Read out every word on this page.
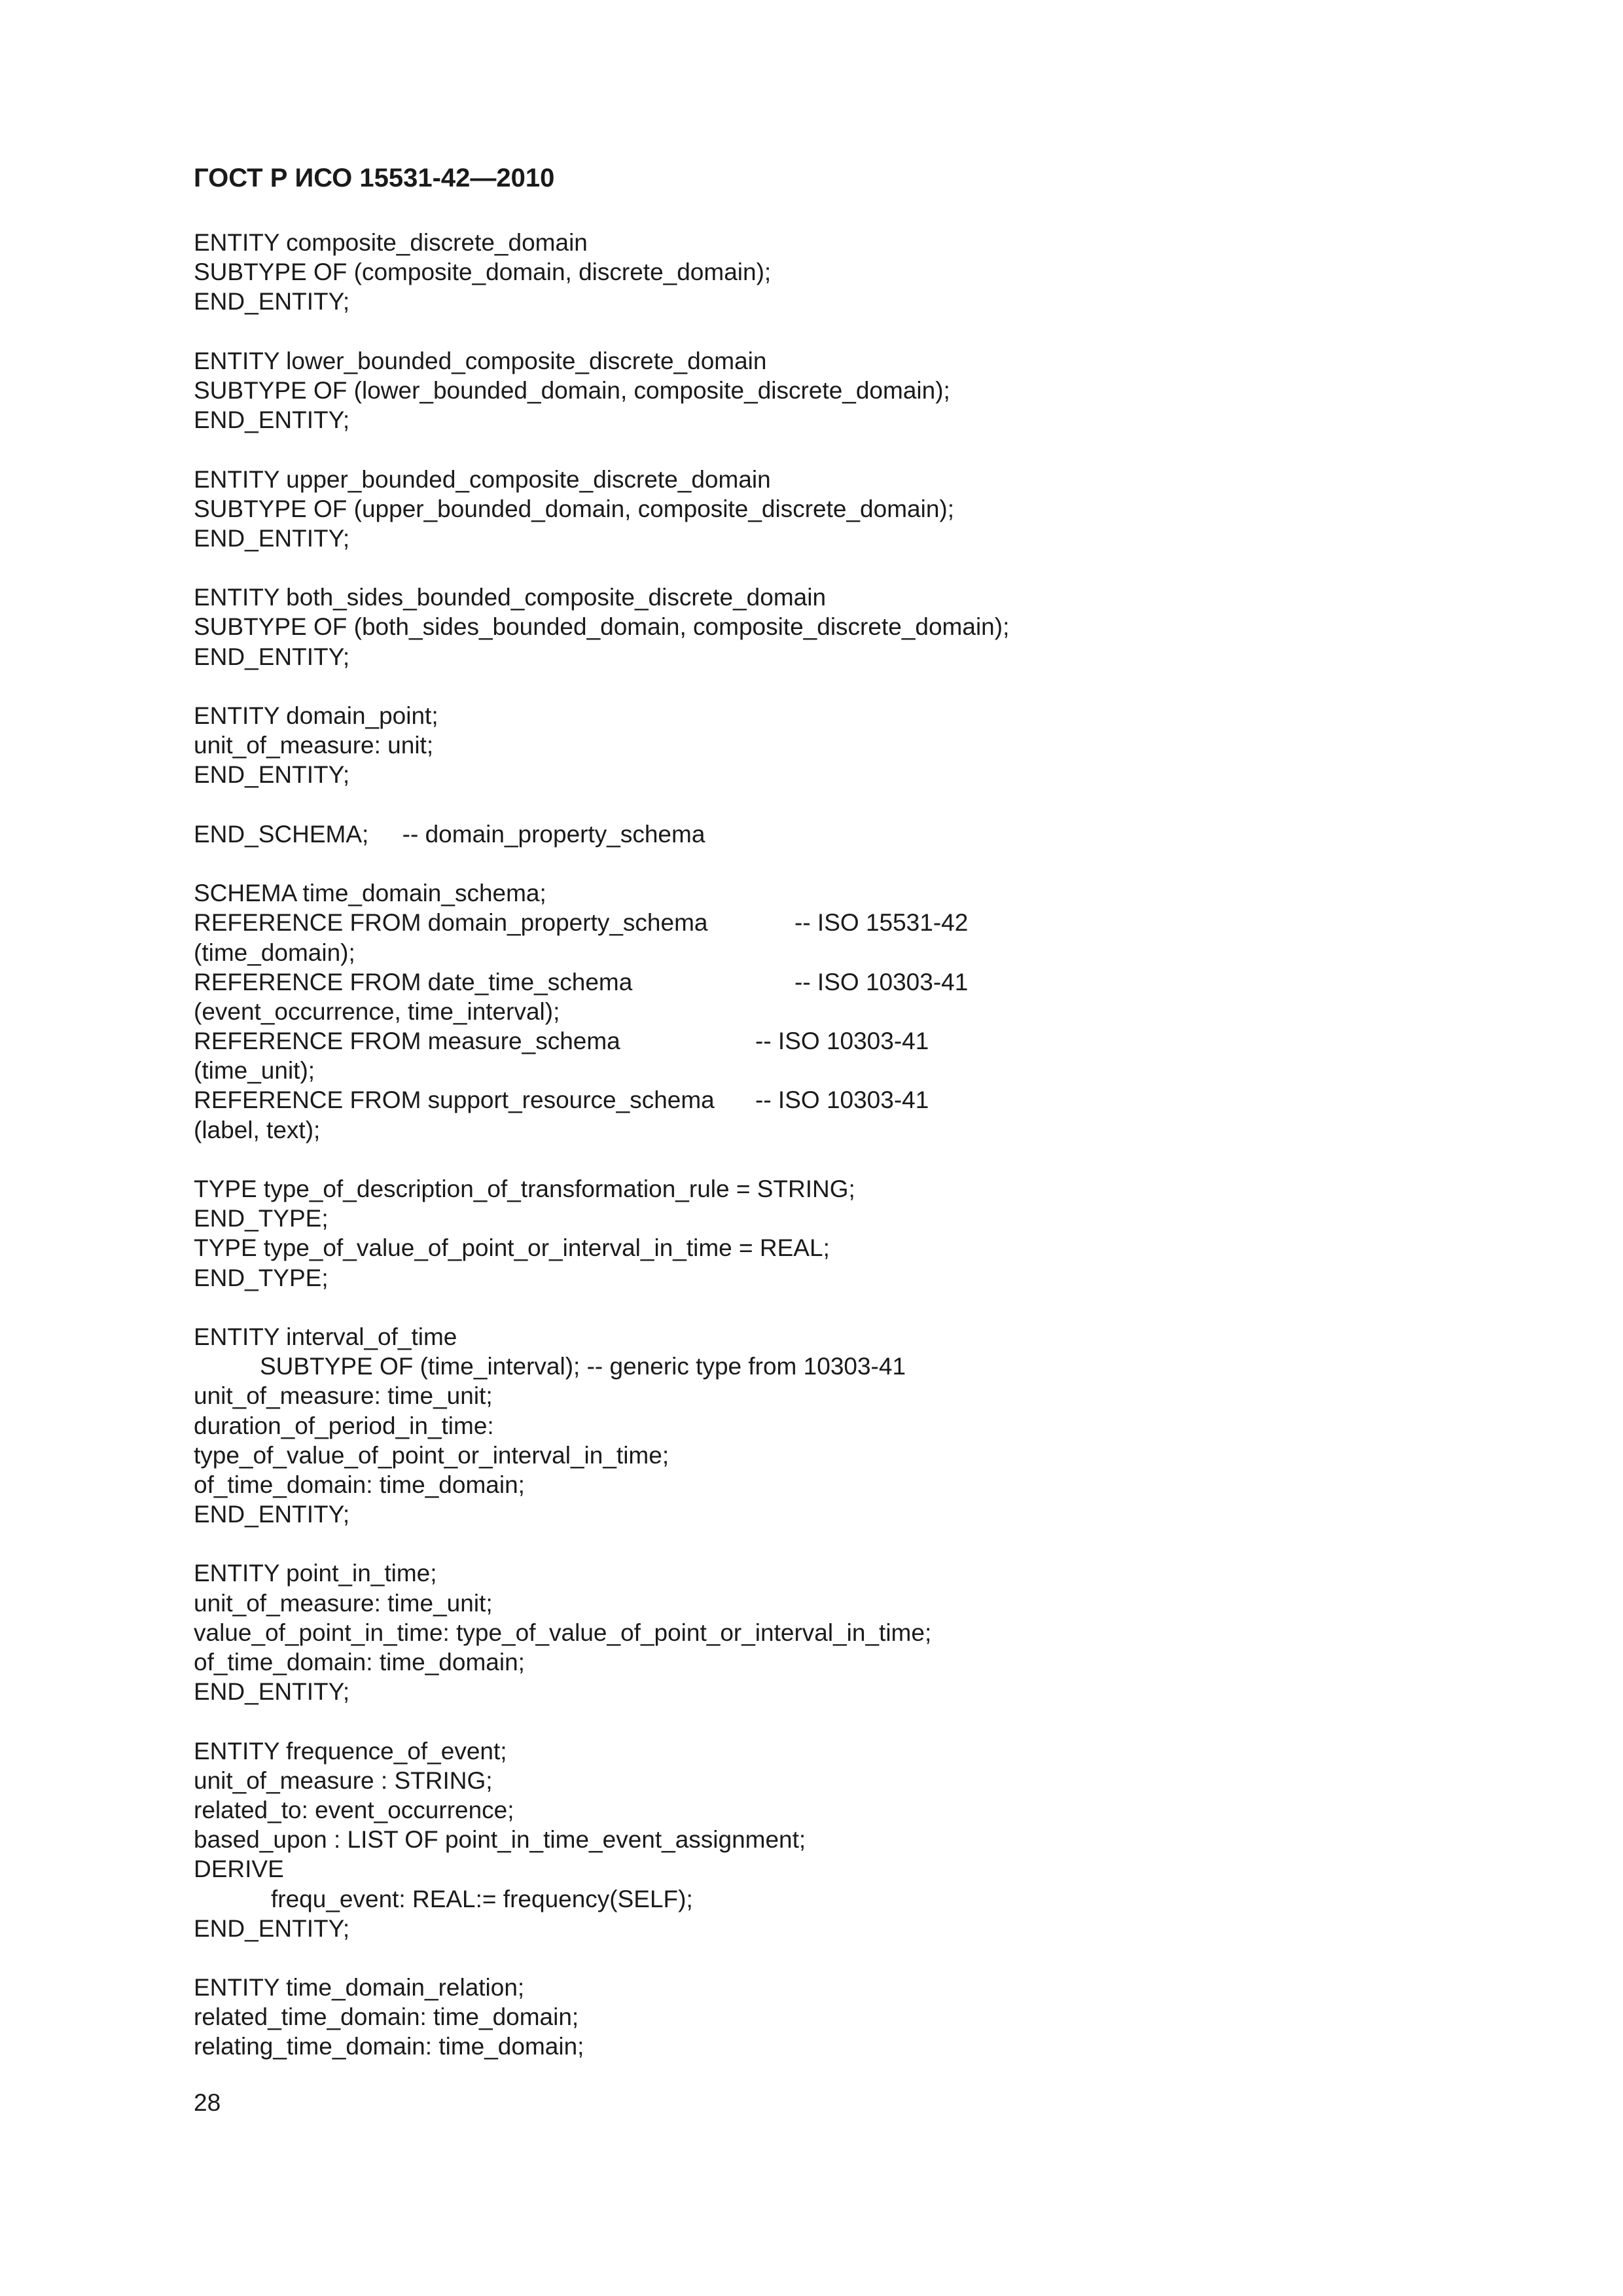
ГОСТ Р ИСО 15531-42—2010
ENTITY composite_discrete_domain
SUBTYPE OF (composite_domain, discrete_domain);
END_ENTITY;
ENTITY lower_bounded_composite_discrete_domain
SUBTYPE OF (lower_bounded_domain, composite_discrete_domain);
END_ENTITY;
ENTITY upper_bounded_composite_discrete_domain
SUBTYPE OF (upper_bounded_domain, composite_discrete_domain);
END_ENTITY;
ENTITY both_sides_bounded_composite_discrete_domain
SUBTYPE OF (both_sides_bounded_domain, composite_discrete_domain);
END_ENTITY;
ENTITY domain_point;
unit_of_measure: unit;
END_ENTITY;
END_SCHEMA;     -- domain_property_schema
SCHEMA time_domain_schema;
REFERENCE FROM domain_property_schema	-- ISO 15531-42
(time_domain);
REFERENCE FROM date_time_schema	-- ISO 10303-41
(event_occurrence, time_interval);
REFERENCE FROM measure_schema	-- ISO 10303-41
(time_unit);
REFERENCE FROM support_resource_schema -- ISO 10303-41
(label, text);
TYPE type_of_description_of_transformation_rule = STRING;
END_TYPE;
TYPE type_of_value_of_point_or_interval_in_time = REAL;
END_TYPE;
ENTITY interval_of_time
SUBTYPE OF (time_interval); -- generic type from 10303-41
unit_of_measure: time_unit;
duration_of_period_in_time:
type_of_value_of_point_or_interval_in_time;
of_time_domain: time_domain;
END_ENTITY;
ENTITY point_in_time;
unit_of_measure: time_unit;
value_of_point_in_time: type_of_value_of_point_or_interval_in_time;
of_time_domain: time_domain;
END_ENTITY;
ENTITY frequence_of_event;
unit_of_measure : STRING;
related_to: event_occurrence;
based_upon : LIST OF point_in_time_event_assignment;
DERIVE
frequ_event: REAL:= frequency(SELF);
END_ENTITY;
ENTITY time_domain_relation;
related_time_domain: time_domain;
relating_time_domain: time_domain;
28
